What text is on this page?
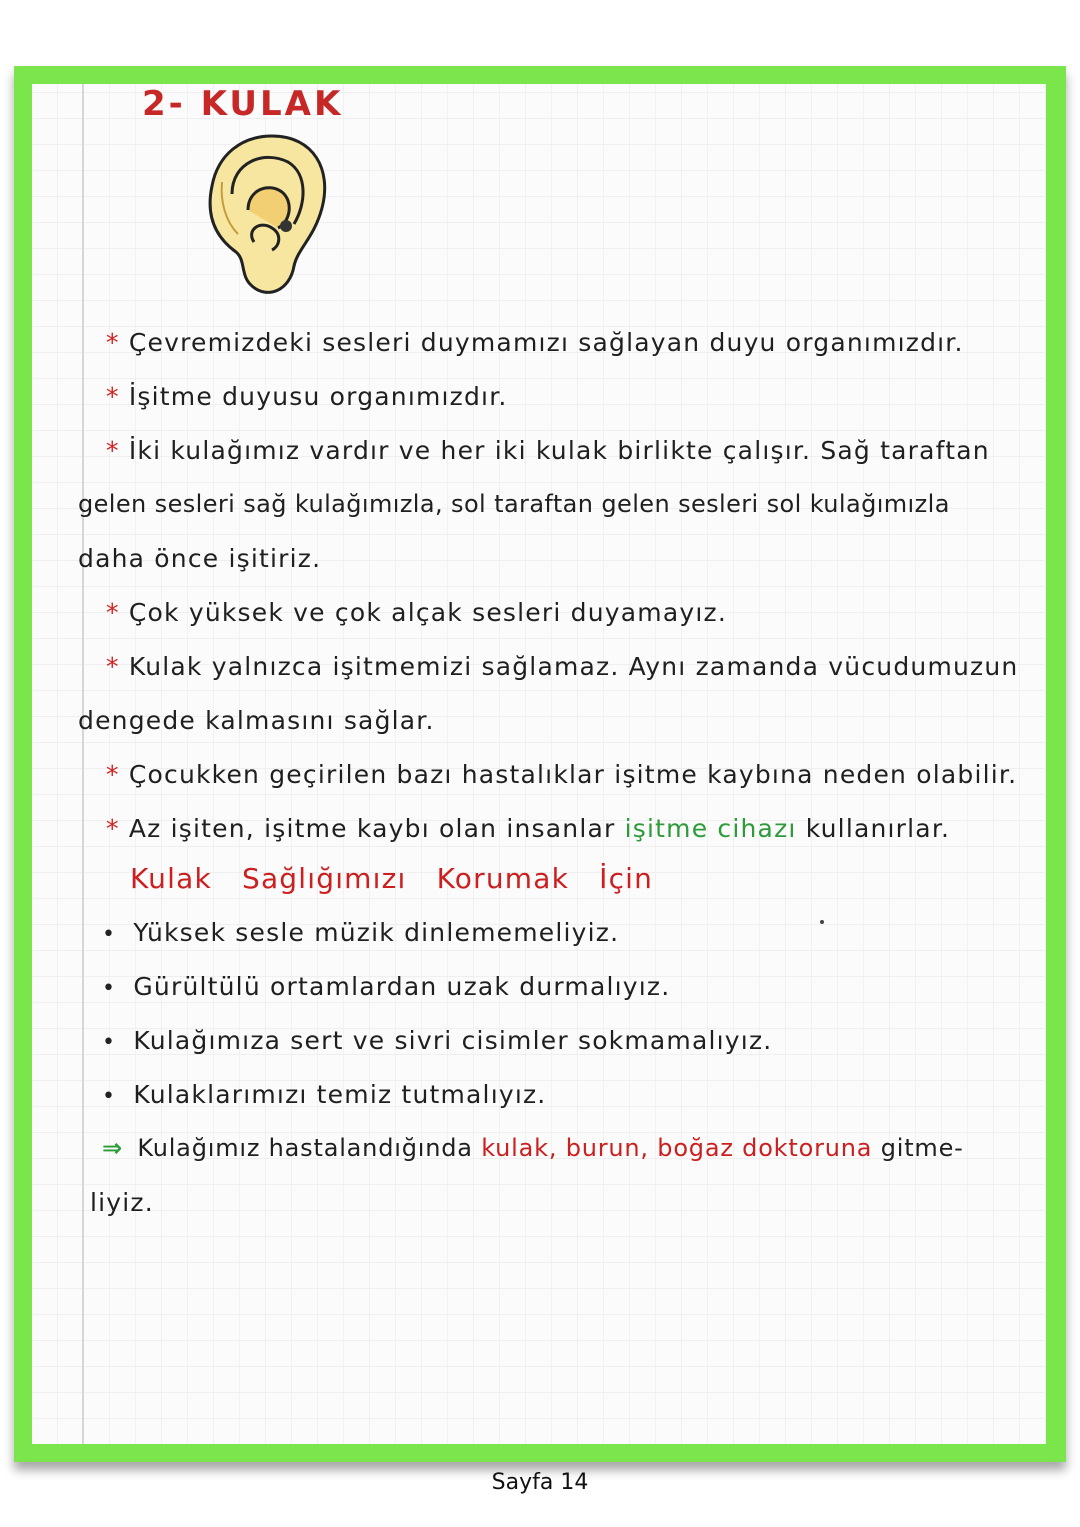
2- KULAK
* Çevremizdeki sesleri duymamızı sağlayan duyu organımızdır.
* İşitme duyusu organımızdır.
* İki kulağımız vardır ve her iki kulak birlikte çalışır. Sağ taraftan
gelen sesleri sağ kulağımızla, sol taraftan gelen sesleri sol kulağımızla
daha önce işitiriz.
* Çok yüksek ve çok alçak sesleri duyamayız.
* Kulak yalnızca işitmemizi sağlamaz. Aynı zamanda vücudumuzun
dengede kalmasını sağlar.
* Çocukken geçirilen bazı hastalıklar işitme kaybına neden olabilir.
* Az işiten, işitme kaybı olan insanlar işitme cihazı kullanırlar.
Kulak Sağlığımızı Korumak İçin
• Yüksek sesle müzik dinlememeliyiz.
• Gürültülü ortamlardan uzak durmalıyız.
• Kulağımıza sert ve sivri cisimler sokmamalıyız.
• Kulaklarımızı temiz tutmalıyız.
⇒ Kulağımız hastalandığında kulak, burun, boğaz doktoruna gitme-
liyiz.
Sayfa 14
